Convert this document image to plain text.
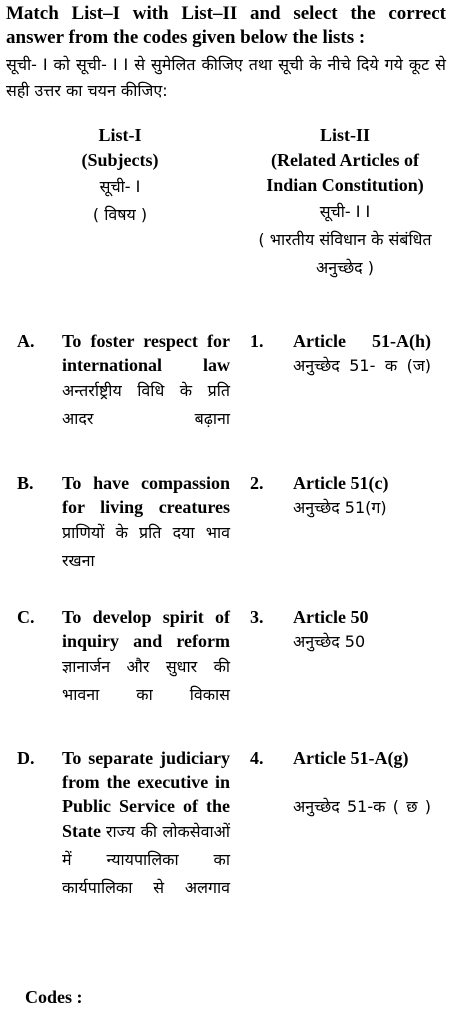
Match List–I with List–II and select the correct
answer from the codes given below the lists :
सूची- I को सूची- I I से सुमेलित कीजिए तथा सूची के नीचे दिये गये कूट से सही उत्तर का चयन कीजिए:
List-I
(Subjects)
सूची- I
( विषय )
List-II
(Related Articles of Indian Constitution)
सूची- I I
( भारतीय संविधान के संबंधित अनुच्छेद )
A. To foster respect for international law अन्तर्राष्ट्रीय विधि के प्रति आदर बढ़ाना
1. Article 51-A(h) अनुच्छेद 51- क (ज)
B. To have compassion for living creatures प्राणियों के प्रति दया भाव रखना
2. Article 51(c)
अनुच्छेद 51(ग)
C. To develop spirit of inquiry and reform ज्ञानार्जन और सुधार की भावना का विकास
3. Article 50
अनुच्छेद 50
D. To separate judiciary from the executive in Public Service of the State राज्य की लोकसेवाओं में न्यायपालिका का कार्यपालिका से अलगाव
4. Article 51-A(g)
अनुच्छेद 51-क ( छ )
Codes :
